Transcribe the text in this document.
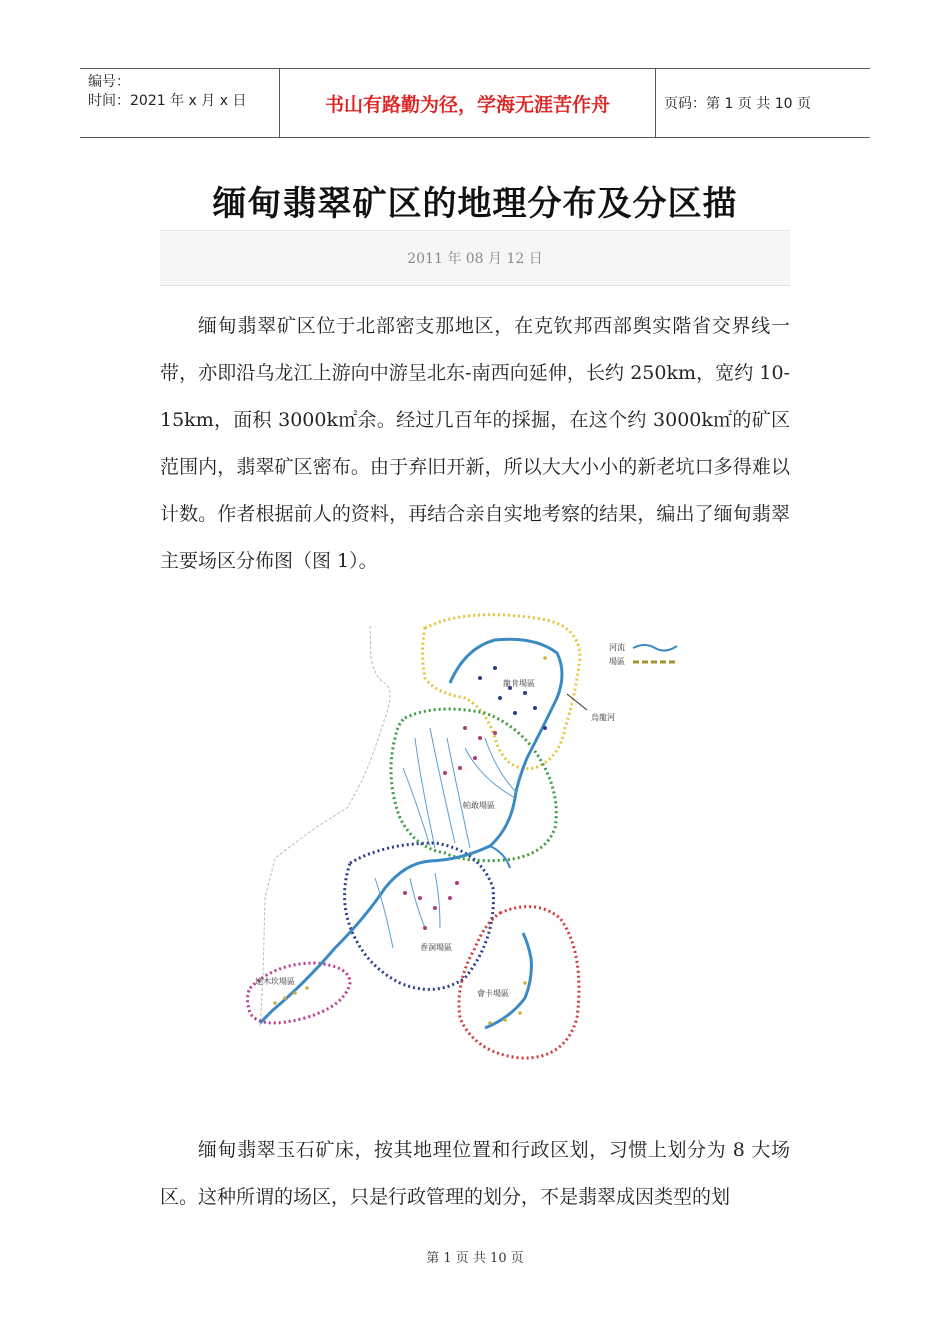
编号：
时间：2021 年 x 月 x 日	书山有路勤为径，学海无涯苦作舟	页码：第 1 页 共 10 页
缅甸翡翠矿区的地理分布及分区描
2011 年 08 月 12 日
缅甸翡翠矿区位于北部密支那地区，在克钦邦西部舆实階省交界线一带，亦即沿乌龙江上游向中游呈北东-南西向延伸，长约 250km，宽约 10-15km，面积 3000k㎡余。经过几百年的採掘，在这个约 3000k㎡的矿区范围内，翡翠矿区密布。由于弃旧开新，所以大大小小的新老坑口多得难以计数。作者根据前人的资料，再结合亲自实地考察的结果，编出了缅甸翡翠主要场区分佈图（图 1）。
龍肯場區
帕敢場區
香洞場區
會卡場區
達木坎場區
烏龍河
河流
場區
缅甸翡翠玉石矿床，按其地理位置和行政区划，习惯上划分为 8 大场区。这种所谓的场区，只是行政管理的划分，不是翡翠成因类型的划
第 1 页 共 10 页
